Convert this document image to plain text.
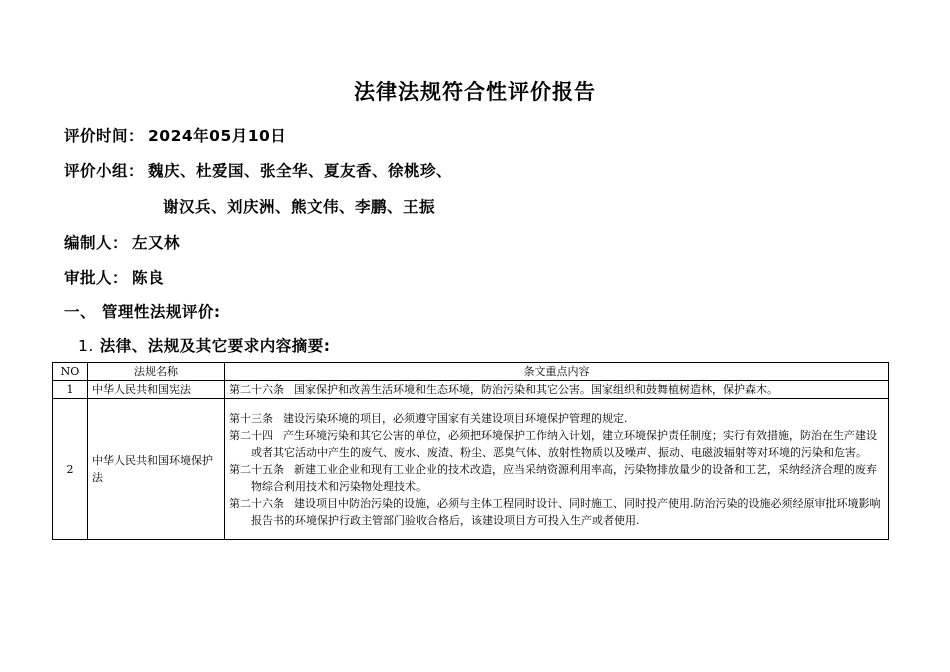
法律法规符合性评价报告
评价时间： 2024年05月10日
评价小组： 魏庆、杜爱国、张全华、夏友香、徐桃珍、
谢汉兵、刘庆洲、熊文伟、李鹏、王振
编制人： 左又林
审批人： 陈良
一、 管理性法规评价:
1. 法律、法规及其它要求内容摘要:
NO	法规名称	条文重点内容
1	中华人民共和国宪法	第二十六条 国家保护和改善生活环境和生态环境，防治污染和其它公害。国家组织和鼓舞植树造林，保护森木。

2	中华人民共和国环境保护法	第十三条 建设污染环境的项目，必须遵守国家有关建设项目环境保护管理的规定.
第二十四 产生环境污染和其它公害的单位，必须把环境保护工作纳入计划，建立环境保护责任制度；实行有效措施，防治在生产建设或者其它活动中产生的废气、废水、废渣、粉尘、恶臭气体、放射性物质以及噪声、振动、电磁波辐射等对环境的污染和危害。
第二十五条 新建工业企业和现有工业企业的技术改造，应当采纳资源利用率高，污染物排放量少的设备和工艺，采纳经济合理的废弃物综合利用技术和污染物处理技术。
第二十六条 建设项目中防治污染的设施，必须与主体工程同时设计、同时施工、同时投产使用.防治污染的设施必须经原审批环境影响报告书的环境保护行政主管部门验收合格后，该建设项目方可投入生产或者使用.
